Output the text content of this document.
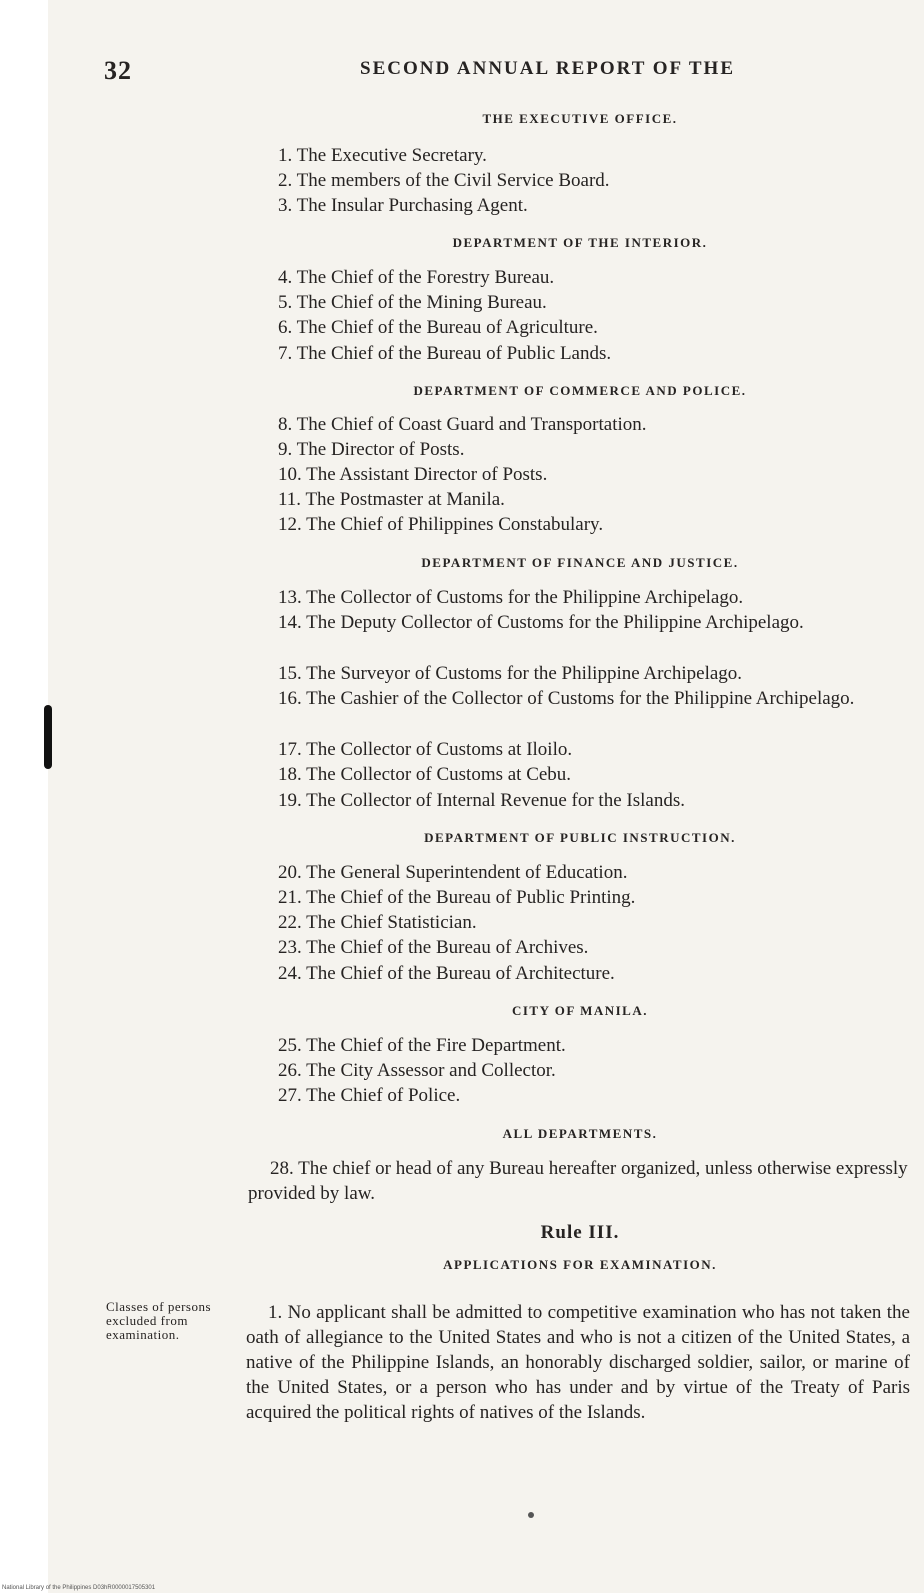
32	SECOND ANNUAL REPORT OF THE
THE EXECUTIVE OFFICE.
1. The Executive Secretary.
2. The members of the Civil Service Board.
3. The Insular Purchasing Agent.
DEPARTMENT OF THE INTERIOR.
4. The Chief of the Forestry Bureau.
5. The Chief of the Mining Bureau.
6. The Chief of the Bureau of Agriculture.
7. The Chief of the Bureau of Public Lands.
DEPARTMENT OF COMMERCE AND POLICE.
8. The Chief of Coast Guard and Transportation.
9. The Director of Posts.
10. The Assistant Director of Posts.
11. The Postmaster at Manila.
12. The Chief of Philippines Constabulary.
DEPARTMENT OF FINANCE AND JUSTICE.
13. The Collector of Customs for the Philippine Archipelago.
14. The Deputy Collector of Customs for the Philippine Archipelago.
15. The Surveyor of Customs for the Philippine Archipelago.
16. The Cashier of the Collector of Customs for the Philippine Archipelago.
17. The Collector of Customs at Iloilo.
18. The Collector of Customs at Cebu.
19. The Collector of Internal Revenue for the Islands.
DEPARTMENT OF PUBLIC INSTRUCTION.
20. The General Superintendent of Education.
21. The Chief of the Bureau of Public Printing.
22. The Chief Statistician.
23. The Chief of the Bureau of Archives.
24. The Chief of the Bureau of Architecture.
CITY OF MANILA.
25. The Chief of the Fire Department.
26. The City Assessor and Collector.
27. The Chief of Police.
ALL DEPARTMENTS.
28. The chief or head of any Bureau hereafter organized, unless otherwise expressly provided by law.
Rule III.
APPLICATIONS FOR EXAMINATION.
Classes of persons excluded from examination.
1. No applicant shall be admitted to competitive examination who has not taken the oath of allegiance to the United States and who is not a citizen of the United States, a native of the Philippine Islands, an honorably discharged soldier, sailor, or marine of the United States, or a person who has under and by virtue of the Treaty of Paris acquired the political rights of natives of the Islands.
National Library of the Philippines D03hR0000017505301
